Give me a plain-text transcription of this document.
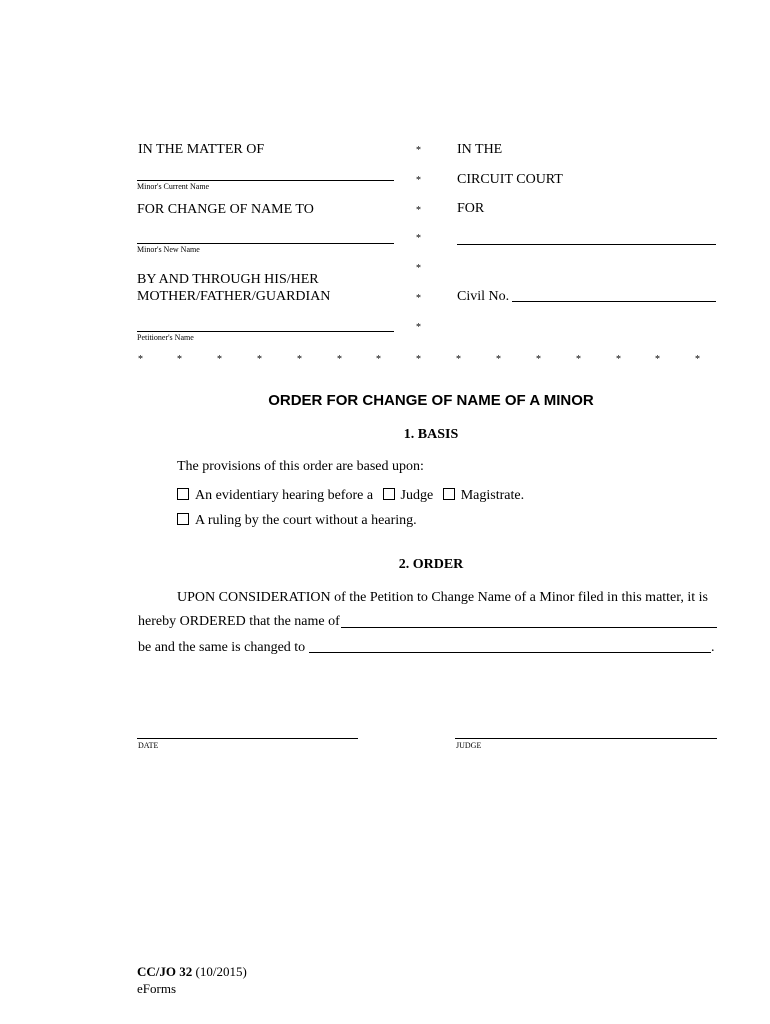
IN THE MATTER OF
Minor's Current Name
FOR CHANGE OF NAME TO
Minor's New Name
BY AND THROUGH HIS/HER
MOTHER/FATHER/GUARDIAN
Petitioner's Name
*
*
*
*
*
*
*
IN THE
CIRCUIT COURT
FOR
Civil No.
*	*	*	*	*	*	*	*	*	*	*	*	*	*	*
ORDER FOR CHANGE OF NAME OF A MINOR
1. BASIS
The provisions of this order are based upon:
An evidentiary hearing before a Judge Magistrate.
A ruling by the court without a hearing.
2. ORDER
UPON CONSIDERATION of the Petition to Change Name of a Minor filed in this matter, it is
hereby ORDERED that the name of
be and the same is changed to	.
DATE	JUDGE
CC/JO 32 (10/2015)
eForms
